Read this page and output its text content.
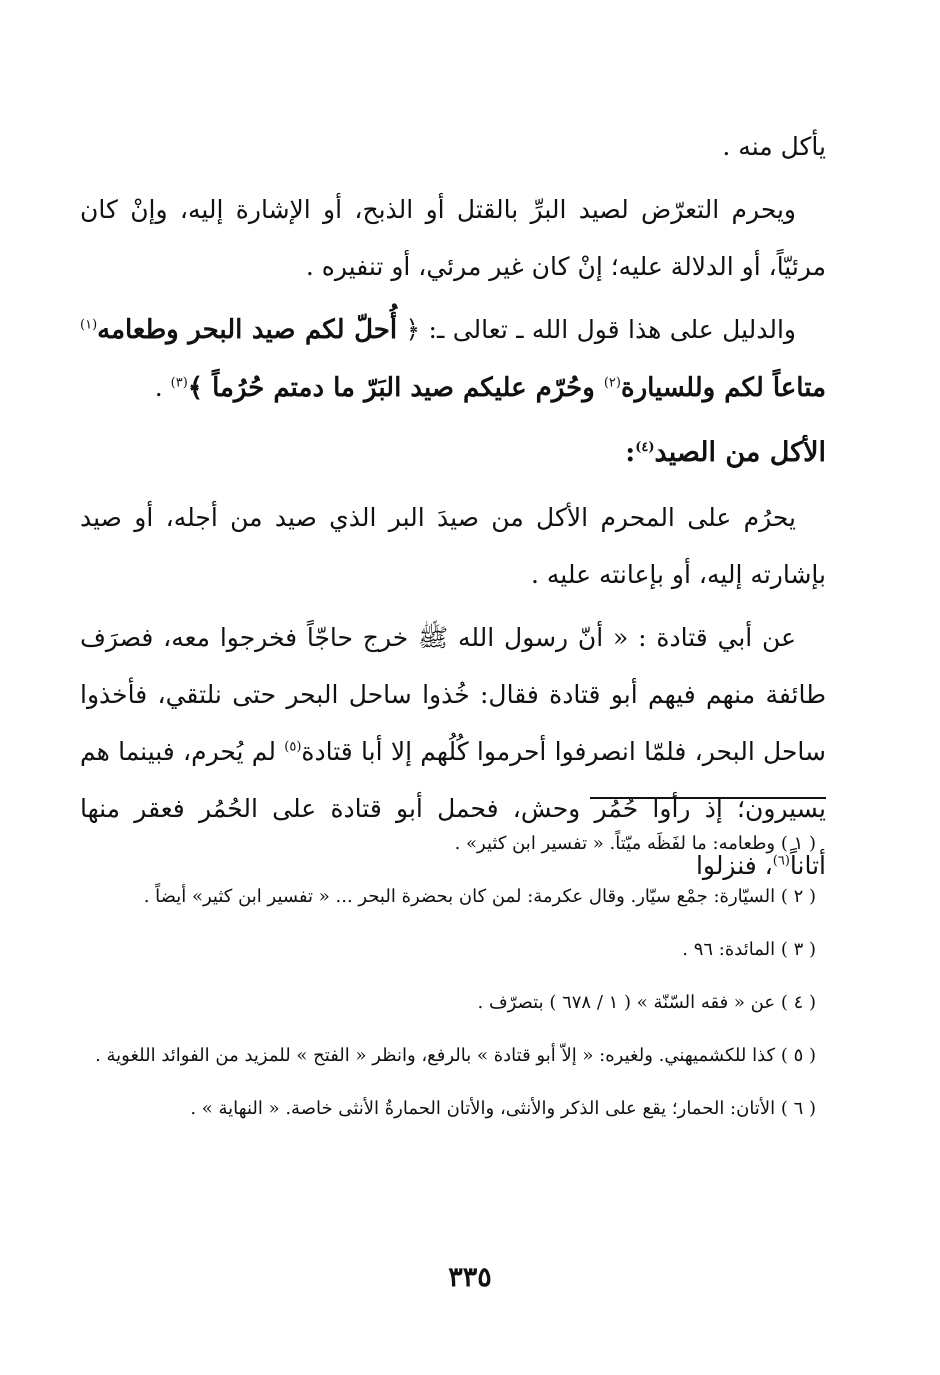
يأكل منه .

ويحرم التعرّض لصيد البرِّ بالقتل أو الذبح، أو الإشارة إليه، وإنْ كان مرئيّاً، أو الدلالة عليه؛ إنْ كان غير مرئي، أو تنفيره .

والدليل على هذا قول الله ـ تعالى ـ: ﴿ أُحلّ لكم صيد البحر وطعامه$^{(١)}$ متاعاً لكم وللسيارة$^{(٢)}$ وحُرّم عليكم صيد البَرّ ما دمتم حُرُماً ﴾$^{(٣)}$ .

الأكل من الصيد$^{(٤)}$:

يحرُم على المحرم الأكل من صيدَ البر الذي صيد من أجله، أو صيد بإشارته إليه، أو بإعانته عليه .

عن أبي قتادة : « أنّ رسول الله ﷺ خرج حاجّاً فخرجوا معه، فصرَف طائفة منهم فيهم أبو قتادة فقال: خُذوا ساحل البحر حتى نلتقي، فأخذوا ساحل البحر، فلمّا انصرفوا أحرموا كُلُهم إلا أبا قتادة$^{(٥)}$ لم يُحرم، فبينما هم يسيرون؛ إذ رأوا حُمُر وحش، فحمل أبو قتادة على الحُمُر فعقر منها أتاناً$^{(٦)}$، فنزلوا

( ١ ) وطعامه: ما لفَظَه ميّتاً. « تفسير ابن كثير» .

( ٢ ) السيّارة: جمْع سيّار. وقال عكرمة: لمن كان بحضرة البحر ... « تفسير ابن كثير» أيضاً .

( ٣ ) المائدة: ٩٦ .

( ٤ ) عن « فقه السّنّة » ( ١ / ٦٧٨ ) بتصرّف .

( ٥ ) كذا للكشميهني. ولغيره: « إلاّ أبو قتادة » بالرفع، وانظر « الفتح » للمزيد من الفوائد اللغوية .

( ٦ ) الأتان: الحمار؛ يقع على الذكر والأنثى، والأتان الحمارةُ الأنثى خاصة. « النهاية » .

٣٣٥
